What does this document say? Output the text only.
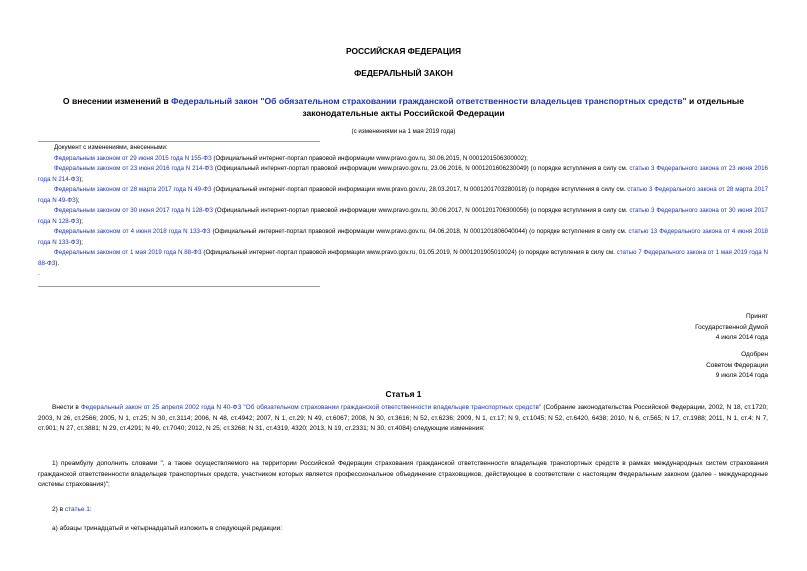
РОССИЙСКАЯ ФЕДЕРАЦИЯ
ФЕДЕРАЛЬНЫЙ ЗАКОН
О внесении изменений в Федеральный закон "Об обязательном страховании гражданской ответственности владельцев транспортных средств" и отдельные законодательные акты Российской Федерации
(с изменениями на 1 мая 2019 года)

Документ с изменениями, внесенными:

Федеральным законом от 29 июня 2015 года N 155-ФЗ (Официальный интернет-портал правовой информации www.pravo.gov.ru, 30.06.2015, N 0001201506300002);

Федеральным законом от 23 июня 2016 года N 214-ФЗ (Официальный интернет-портал правовой информации www.pravo.gov.ru, 23.06.2016, N 0001201606230049) (о порядке вступления в силу см. статью 3 Федерального закона от 23 июня 2016 года N 214-ФЗ);

Федеральным законом от 28 марта 2017 года N 49-ФЗ (Официальный интернет-портал правовой информации www.pravo.gov.ru, 28.03.2017, N 0001201703280018) (о порядке вступления в силу см. статью 3 Федерального закона от 28 марта 2017 года N 49-ФЗ);

Федеральным законом от 30 июня 2017 года N 128-ФЗ (Официальный интернет-портал правовой информации www.pravo.gov.ru, 30.06.2017, N 0001201706300056) (о порядке вступления в силу см. статью 3 Федерального закона от 30 июня 2017 года N 128-ФЗ);

Федеральным законом от 4 июня 2018 года N 133-ФЗ (Официальный интернет-портал правовой информации www.pravo.gov.ru, 04.06.2018, N 0001201806040044) (о порядке вступления в силу см. статью 13 Федерального закона от 4 июня 2018 года N 133-ФЗ);

Федеральным законом от 1 мая 2019 года N 88-ФЗ (Официальный интернет-портал правовой информации www.pravo.gov.ru, 01.05.2019, N 0001201905010024) (о порядке вступления в силу см. статью 7 Федерального закона от 1 мая 2019 года N 88-ФЗ).

.

Принят
Государственной Думой
4 июля 2014 года
Одобрен
Советом Федерации
9 июля 2014 года
Статья 1
Внести в Федеральный закон от 25 апреля 2002 года N 40-ФЗ "Об обязательном страховании гражданской ответственности владельцев транспортных средств" (Собрание законодательства Российской Федерации, 2002, N 18, ст.1720; 2003, N 26, ст.2566; 2005, N 1, ст.25; N 30, ст.3114; 2006, N 48, ст.4942; 2007, N 1, ст.29; N 49, ст.6067; 2008, N 30, ст.3616; N 52, ст.6236; 2009, N 1, ст.17; N 9, ст.1045; N 52, ст.6420, 6438; 2010, N 6, ст.565; N 17, ст.1988; 2011, N 1, ст.4; N 7, ст.901; N 27, ст.3881; N 29, ст.4291; N 49, ст.7040; 2012, N 25, ст.3268; N 31, ст.4319, 4320; 2013, N 19, ст.2331; N 30, ст.4084) следующие изменения:
1) преамбулу дополнить словами ", а также осуществляемого на территории Российской Федерации страхования гражданской ответственности владельцев транспортных средств в рамках международных систем страхования гражданской ответственности владельцев транспортных средств, участником которых является профессиональное объединение страховщиков, действующее в соответствии с настоящим Федеральным законом (далее - международные системы страхования)";
2) в статье 1:
а) абзацы тринадцатый и четырнадцатый изложить в следующей редакции:
